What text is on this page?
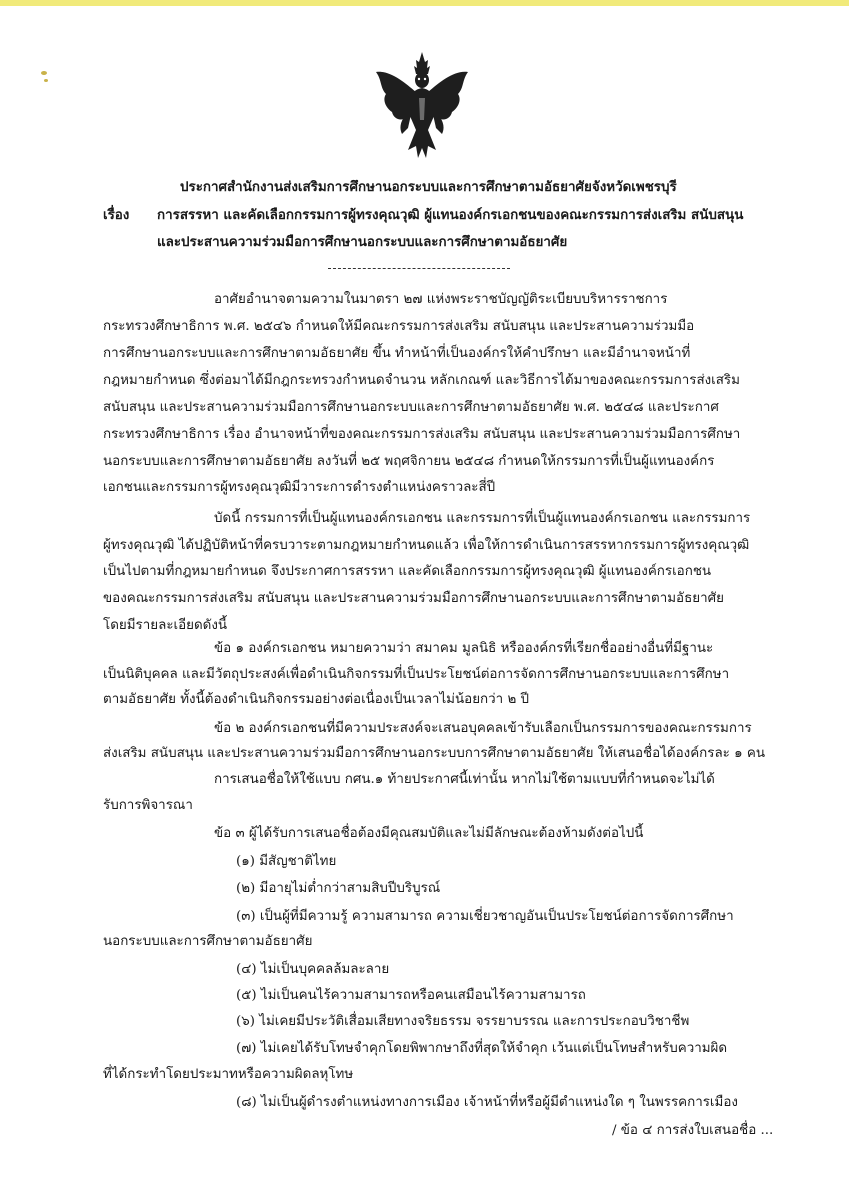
ประกาศสำนักงานส่งเสริมการศึกษานอกระบบและการศึกษาตามอัธยาศัยจังหวัดเพชรบุรี
เรื่อง การสรรหา และคัดเลือกกรรมการผู้ทรงคุณวุฒิ ผู้แทนองค์กรเอกชนของคณะกรรมการส่งเสริม สนับสนุน
และประสานความร่วมมือการศึกษานอกระบบและการศึกษาตามอัธยาศัย
อาศัยอำนาจตามความในมาตรา ๒๗ แห่งพระราชบัญญัติระเบียบบริหารราชการ
กระทรวงศึกษาธิการ พ.ศ. ๒๕๔๖ กำหนดให้มีคณะกรรมการส่งเสริม สนับสนุน และประสานความร่วมมือ
การศึกษานอกระบบและการศึกษาตามอัธยาศัย ขึ้น ทำหน้าที่เป็นองค์กรให้คำปรึกษา และมีอำนาจหน้าที่
กฎหมายกำหนด ซึ่งต่อมาได้มีกฎกระทรวงกำหนดจำนวน หลักเกณฑ์ และวิธีการได้มาของคณะกรรมการส่งเสริม
สนับสนุน และประสานความร่วมมือการศึกษานอกระบบและการศึกษาตามอัธยาศัย พ.ศ. ๒๕๔๘ และประกาศ
กระทรวงศึกษาธิการ เรื่อง อำนาจหน้าที่ของคณะกรรมการส่งเสริม สนับสนุน และประสานความร่วมมือการศึกษา
นอกระบบและการศึกษาตามอัธยาศัย ลงวันที่ ๒๕ พฤศจิกายน ๒๕๔๘ กำหนดให้กรรมการที่เป็นผู้แทนองค์กร
เอกชนและกรรมการผู้ทรงคุณวุฒิมีวาระการดำรงตำแหน่งคราวละสี่ปี
บัดนี้ กรรมการที่เป็นผู้แทนองค์กรเอกชน และกรรมการที่เป็นผู้แทนองค์กรเอกชน และกรรมการ
ผู้ทรงคุณวุฒิ ได้ปฏิบัติหน้าที่ครบวาระตามกฎหมายกำหนดแล้ว เพื่อให้การดำเนินการสรรหากรรมการผู้ทรงคุณวุฒิ
เป็นไปตามที่กฎหมายกำหนด จึงประกาศการสรรหา และคัดเลือกกรรมการผู้ทรงคุณวุฒิ ผู้แทนองค์กรเอกชน
ของคณะกรรมการส่งเสริม สนับสนุน และประสานความร่วมมือการศึกษานอกระบบและการศึกษาตามอัธยาศัย
โดยมีรายละเอียดดังนี้
ข้อ ๑ องค์กรเอกชน หมายความว่า สมาคม มูลนิธิ หรือองค์กรที่เรียกชื่ออย่างอื่นที่มีฐานะ
เป็นนิติบุคคล และมีวัตถุประสงค์เพื่อดำเนินกิจกรรมที่เป็นประโยชน์ต่อการจัดการศึกษานอกระบบและการศึกษา
ตามอัธยาศัย ทั้งนี้ต้องดำเนินกิจกรรมอย่างต่อเนื่องเป็นเวลาไม่น้อยกว่า ๒ ปี
ข้อ ๒ องค์กรเอกชนที่มีความประสงค์จะเสนอบุคคลเข้ารับเลือกเป็นกรรมการของคณะกรรมการ
ส่งเสริม สนับสนุน และประสานความร่วมมือการศึกษานอกระบบการศึกษาตามอัธยาศัย ให้เสนอชื่อได้องค์กรละ ๑ คน
การเสนอชื่อให้ใช้แบบ กศน.๑ ท้ายประกาศนี้เท่านั้น หากไม่ใช้ตามแบบที่กำหนดจะไม่ได้
รับการพิจารณา
ข้อ ๓ ผู้ได้รับการเสนอชื่อต้องมีคุณสมบัติและไม่มีลักษณะต้องห้ามดังต่อไปนี้
(๑) มีสัญชาติไทย
(๒) มีอายุไม่ต่ำกว่าสามสิบปีบริบูรณ์
(๓) เป็นผู้ที่มีความรู้ ความสามารถ ความเชี่ยวชาญอันเป็นประโยชน์ต่อการจัดการศึกษา
นอกระบบและการศึกษาตามอัธยาศัย
(๔) ไม่เป็นบุคคลล้มละลาย
(๕) ไม่เป็นคนไร้ความสามารถหรือคนเสมือนไร้ความสามารถ
(๖) ไม่เคยมีประวัติเสื่อมเสียทางจริยธรรม จรรยาบรรณ และการประกอบวิชาชีพ
(๗) ไม่เคยได้รับโทษจำคุกโดยพิพากษาถึงที่สุดให้จำคุก เว้นแต่เป็นโทษสำหรับความผิด
ที่ได้กระทำโดยประมาทหรือความผิดลหุโทษ
(๘) ไม่เป็นผู้ดำรงตำแหน่งทางการเมือง เจ้าหน้าที่หรือผู้มีตำแหน่งใด ๆ ในพรรคการเมือง
/ ข้อ ๔ การส่งใบเสนอชื่อ ...
